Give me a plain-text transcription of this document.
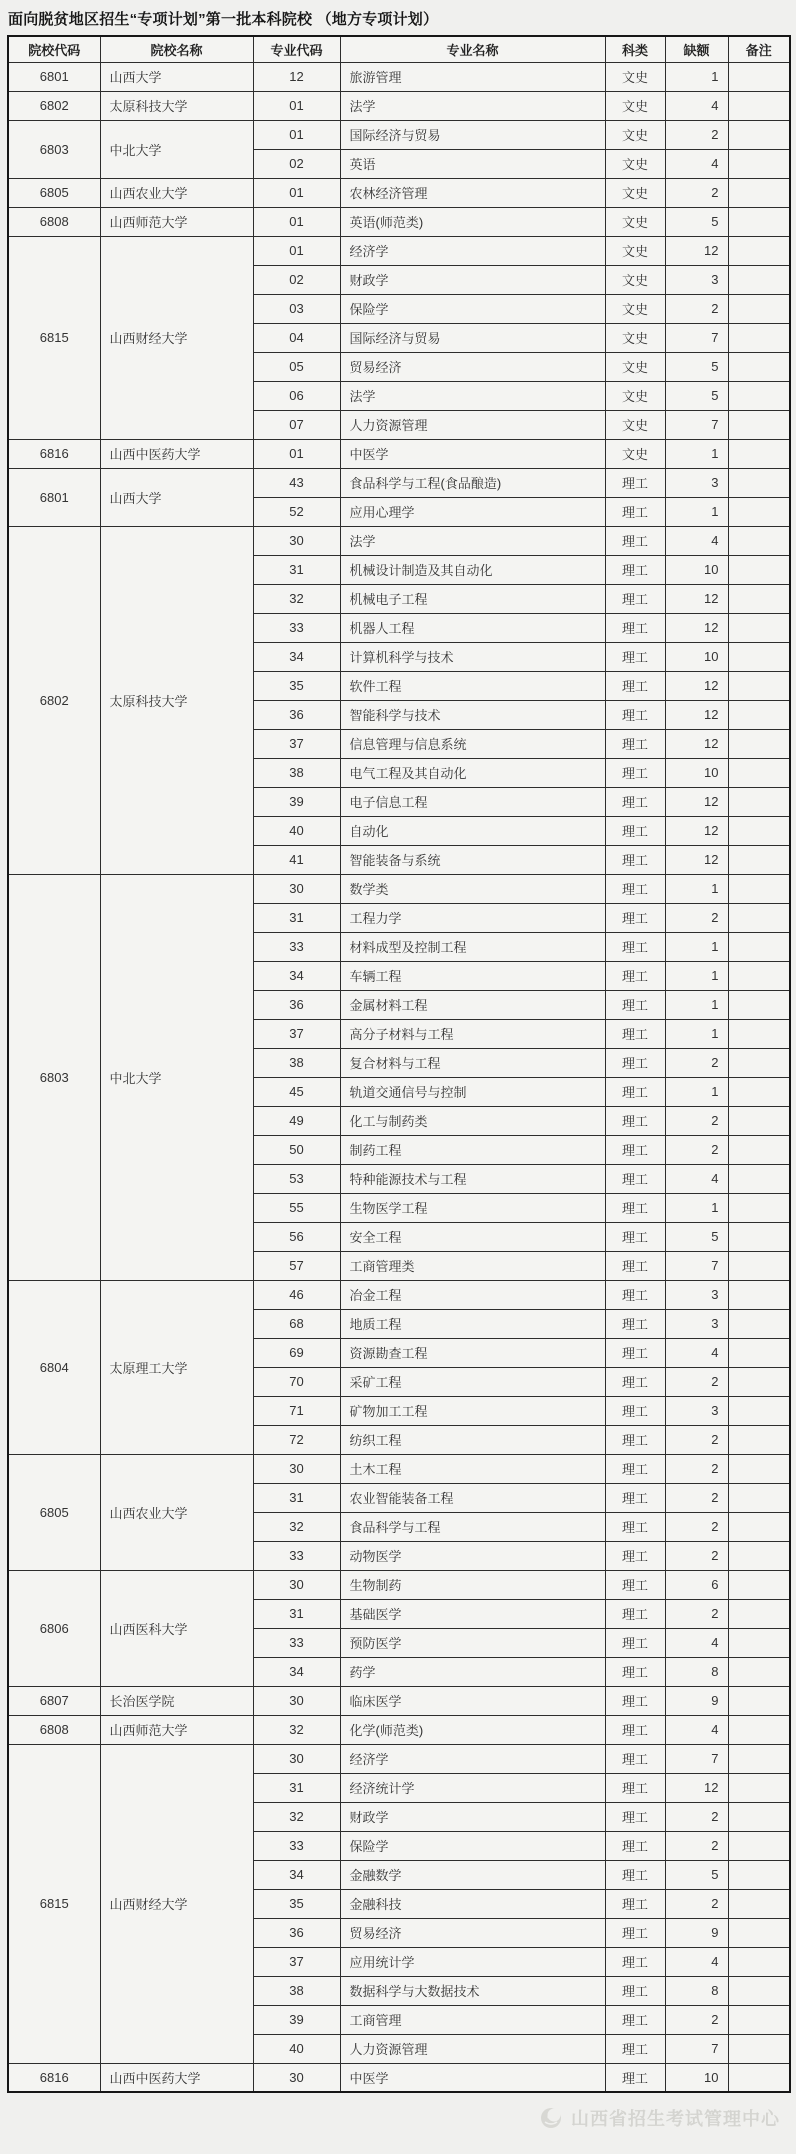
面向脱贫地区招生“专项计划”第一批本科院校 （地方专项计划）
院校代码	院校名称	专业代码	专业名称	科类	缺额	备注
6801	山西大学	12	旅游管理	文史	1	
6802	太原科技大学	01	法学	文史	4	
6803	中北大学	01	国际经济与贸易	文史	2	
		02	英语	文史	4	
6805	山西农业大学	01	农林经济管理	文史	2	
6808	山西师范大学	01	英语(师范类)	文史	5	
6815	山西财经大学	01	经济学	文史	12	
		02	财政学	文史	3	
		03	保险学	文史	2	
		04	国际经济与贸易	文史	7	
		05	贸易经济	文史	5	
		06	法学	文史	5	
		07	人力资源管理	文史	7	
6816	山西中医药大学	01	中医学	文史	1	
6801	山西大学	43	食品科学与工程(食品酿造)	理工	3	
		52	应用心理学	理工	1	
6802	太原科技大学	30	法学	理工	4	
		31	机械设计制造及其自动化	理工	10	
		32	机械电子工程	理工	12	
		33	机器人工程	理工	12	
		34	计算机科学与技术	理工	10	
		35	软件工程	理工	12	
		36	智能科学与技术	理工	12	
		37	信息管理与信息系统	理工	12	
		38	电气工程及其自动化	理工	10	
		39	电子信息工程	理工	12	
		40	自动化	理工	12	
		41	智能装备与系统	理工	12	
6803	中北大学	30	数学类	理工	1	
		31	工程力学	理工	2	
		33	材料成型及控制工程	理工	1	
		34	车辆工程	理工	1	
		36	金属材料工程	理工	1	
		37	高分子材料与工程	理工	1	
		38	复合材料与工程	理工	2	
		45	轨道交通信号与控制	理工	1	
		49	化工与制药类	理工	2	
		50	制药工程	理工	2	
		53	特种能源技术与工程	理工	4	
		55	生物医学工程	理工	1	
		56	安全工程	理工	5	
		57	工商管理类	理工	7	
6804	太原理工大学	46	冶金工程	理工	3	
		68	地质工程	理工	3	
		69	资源勘查工程	理工	4	
		70	采矿工程	理工	2	
		71	矿物加工工程	理工	3	
		72	纺织工程	理工	2	
6805	山西农业大学	30	土木工程	理工	2	
		31	农业智能装备工程	理工	2	
		32	食品科学与工程	理工	2	
		33	动物医学	理工	2	
6806	山西医科大学	30	生物制药	理工	6	
		31	基础医学	理工	2	
		33	预防医学	理工	4	
		34	药学	理工	8	
6807	长治医学院	30	临床医学	理工	9	
6808	山西师范大学	32	化学(师范类)	理工	4	
6815	山西财经大学	30	经济学	理工	7	
		31	经济统计学	理工	12	
		32	财政学	理工	2	
		33	保险学	理工	2	
		34	金融数学	理工	5	
		35	金融科技	理工	2	
		36	贸易经济	理工	9	
		37	应用统计学	理工	4	
		38	数据科学与大数据技术	理工	8	
		39	工商管理	理工	2	
		40	人力资源管理	理工	7	
6816	山西中医药大学	30	中医学	理工	10	
山西省招生考试管理中心
